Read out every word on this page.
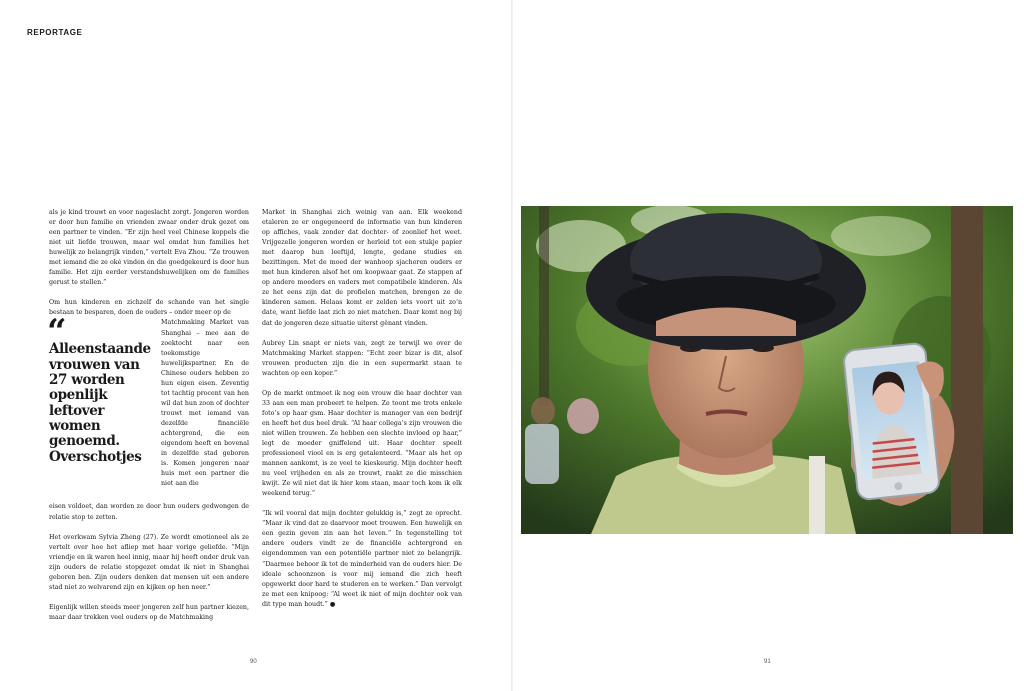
REPORTAGE

als je kind trouwt en voor nageslacht zorgt. Jongeren worden er door hun familie en vrienden zwaar onder druk gezet om een partner te vinden. “Er zijn heel veel Chinese koppels die niet uit liefde trouwen, maar wel omdat hun families het huwelijk zo belangrijk vinden,” vertelt Eva Zhou. “Ze trouwen met iemand die ze oké vinden én die goedgekeurd is door hun familie. Het zijn eerder verstandshuwelijken om de families gerust te stellen.”

Om hun kinderen en zichzelf de schande van het single bestaan te besparen, doen de ouders – onder meer op de

“
Alleenstaande vrouwen van 27 worden openlijk leftover women genoemd. Overschotjes

Matchmaking Market van Shanghai – mee aan de zoektocht naar een toekomstige huwelijkspartner. En de Chinese ouders hebben zo hun eigen eisen. Zeventig tot tachtig procent van hen wil dat hun zoon of dochter trouwt met iemand van dezelfde financiële achtergrond, die een eigendom heeft en bovenal in dezelfde stad geboren is. Komen jongeren naar huis met een partner die niet aan die

eisen voldoet, dan worden ze door hun ouders gedwongen de relatie stop te zetten.

Het overkwam Sylvia Zheng (27). Ze wordt emotioneel als ze vertelt over hoe het afliep met haar vorige geliefde. “Mijn vriendje en ik waren heel innig, maar hij heeft onder druk van zijn ouders de relatie stopgezet omdat ik niet in Shanghai geboren ben. Zijn ouders denken dat mensen uit een andere stad niet zo welvarend zijn en kijken op hen neer.”

Eigenlijk willen steeds meer jongeren zelf hun partner kiezen, maar daar trekken veel ouders op de Matchmaking

Market in Shanghai zich weinig van aan. Elk weekend etaleren ze er ongegeneerd de informatie van hun kinderen op affiches, vaak zonder dat dochter- of zoonlief het weet. Vrijgezelle jongeren worden er herleid tot een stukje papier met daarop hun leeftijd, lengte, gedane studies en bezittingen. Met de moed der wanhoop sjacheren ouders er met hun kinderen alsof het om koopwaar gaat. Ze stappen af op andere moeders en vaders met compatibele kinderen. Als ze het eens zijn dat de profielen matchen, brengen ze de kinderen samen. Helaas komt er zelden iets voort uit zo’n date, want liefde laat zich zo niet matchen. Daar komt nog bij dat de jongeren deze situatie uiterst gênant vinden.

Aubrey Lin snapt er niets van, zegt ze terwijl we over de Matchmaking Market stappen: “Echt zeer bizar is dit, alsof vrouwen producten zijn die in een supermarkt staan te wachten op een koper.”

Op de markt ontmoet ik nog een vrouw die haar dochter van 33 aan een man probeert te helpen. Ze toont me trots enkele foto’s op haar gsm. Haar dochter is manager van een bedrijf en heeft het dus heel druk. “Al haar collega’s zijn vrouwen die niet willen trouwen. Ze hebben een slechte invloed op haar,” legt de moeder gniffelend uit. Haar dochter speelt professioneel viool en is erg getalenteerd. “Maar als het op mannen aankomt, is ze veel te kieskeurig. Mijn dochter heeft nu veel vrijheden en als ze trouwt, raakt ze die misschien kwijt. Ze wil niet dat ik hier kom staan, maar toch kom ik elk weekend terug.”

“Ik wil vooral dat mijn dochter gelukkig is,” zegt ze oprecht. “Maar ik vind dat ze daarvoor moet trouwen. Een huwelijk en een gezin geven zin aan het leven.” In tegenstelling tot andere ouders vindt ze de financiële achtergrond en eigendommen van een potentiële partner niet zo belangrijk. “Daarmee behoor ik tot de minderheid van de ouders hier. De ideale schoonzoon is voor mij iemand die zich heeft opgewerkt door hard te studeren en te werken.” Dan vervolgt ze met een knipoog: “Al weet ik niet of mijn dochter ook van dit type man houdt.” ●

90	91
